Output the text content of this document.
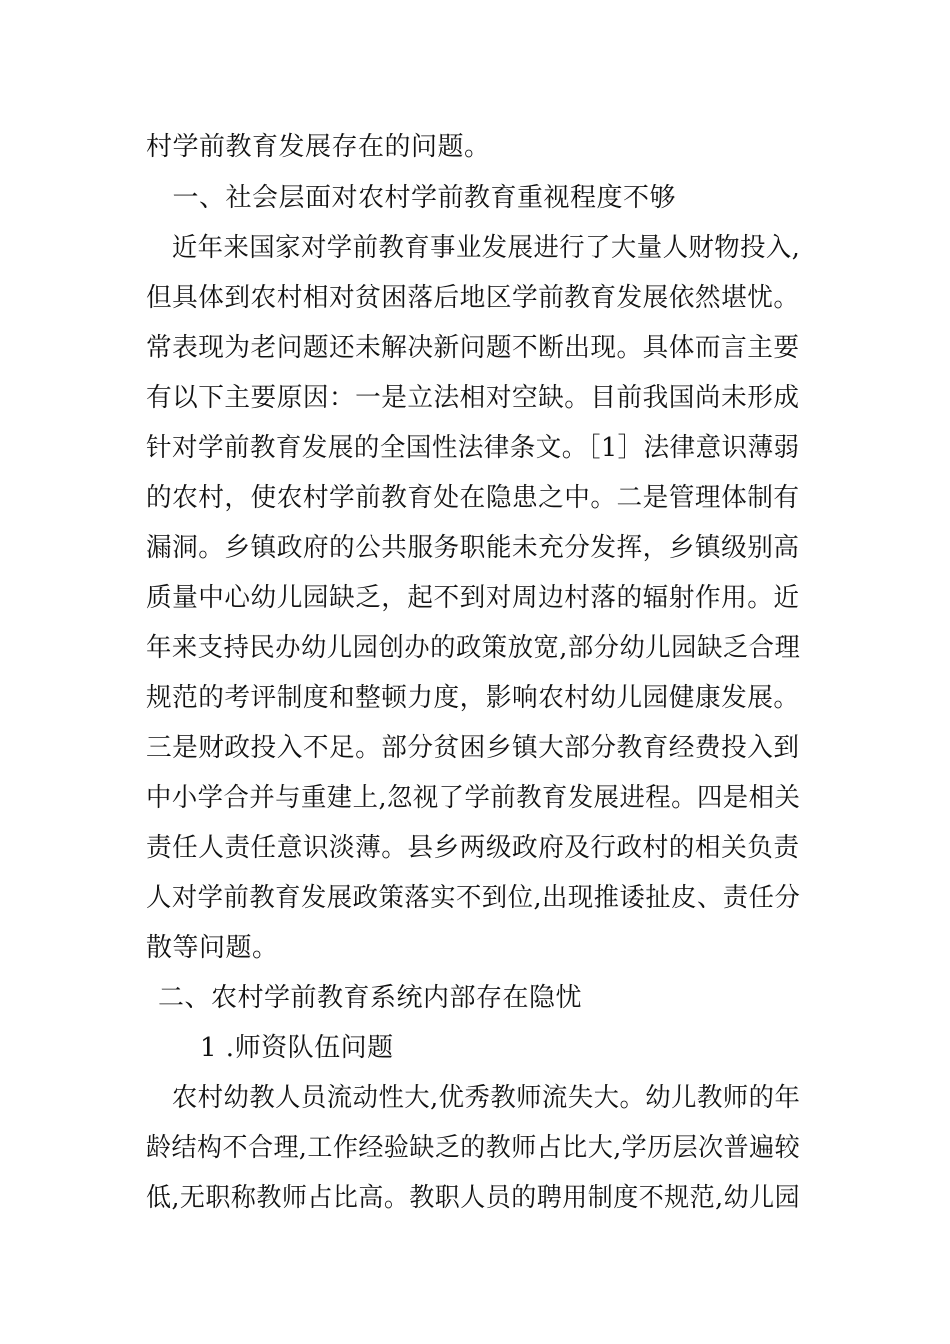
村学前教育发展存在的问题。
　一、社会层面对农村学前教育重视程度不够
　近年来国家对学前教育事业发展进行了大量人财物投入,
但具体到农村相对贫困落后地区学前教育发展依然堪忧。
常表现为老问题还未解决新问题不断出现。具体而言主要
有以下主要原因：一是立法相对空缺。目前我国尚未形成
针对学前教育发展的全国性法律条文。［1］法律意识薄弱
的农村，使农村学前教育处在隐患之中。二是管理体制有
漏洞。乡镇政府的公共服务职能未充分发挥，乡镇级别高
质量中心幼儿园缺乏，起不到对周边村落的辐射作用。近
年来支持民办幼儿园创办的政策放宽,部分幼儿园缺乏合理
规范的考评制度和整顿力度，影响农村幼儿园健康发展。
三是财政投入不足。部分贫困乡镇大部分教育经费投入到
中小学合并与重建上,忽视了学前教育发展进程。四是相关
责任人责任意识淡薄。县乡两级政府及行政村的相关负责
人对学前教育发展政策落实不到位,出现推诿扯皮、责任分
散等问题。
二、农村学前教育系统内部存在隐忧
1 .师资队伍问题
　农村幼教人员流动性大,优秀教师流失大。幼儿教师的年
龄结构不合理,工作经验缺乏的教师占比大,学历层次普遍较
低,无职称教师占比高。教职人员的聘用制度不规范,幼儿园
